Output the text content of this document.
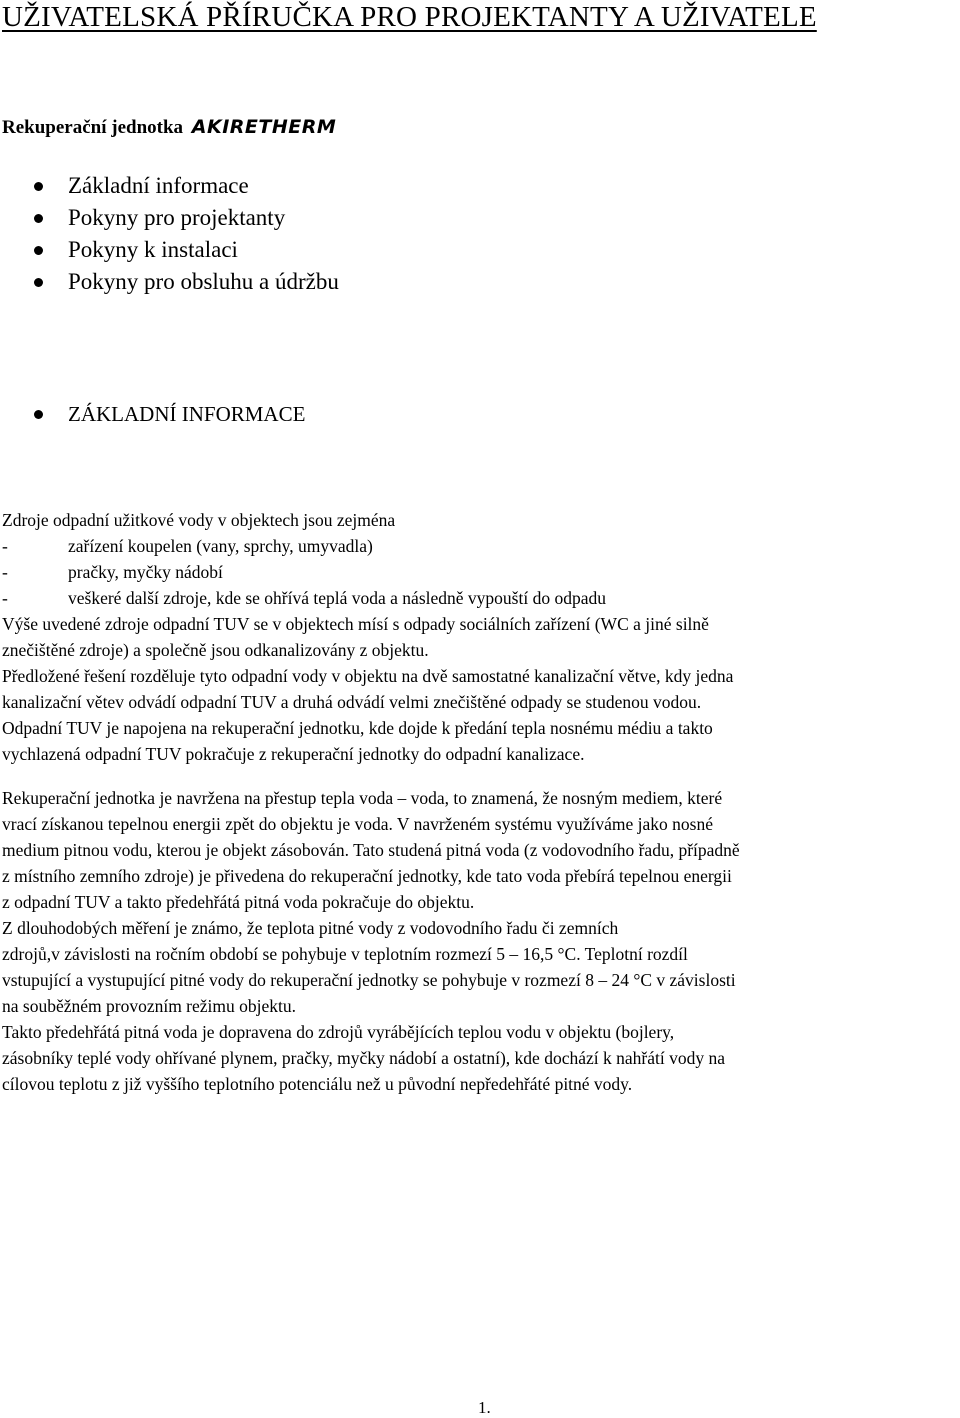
UŽIVATELSKÁ PŘÍRUČKA PRO PROJEKTANTY A UŽIVATELE
Rekuperační jednotka AKIRETHERM
Základní informace
Pokyny pro projektanty
Pokyny k instalaci
Pokyny pro obsluhu a údržbu
ZÁKLADNÍ INFORMACE
Zdroje odpadní užitkové vody v objektech jsou zejména
-	zařízení koupelen (vany, sprchy, umyvadla)
-	pračky, myčky nádobí
-	veškeré další zdroje, kde se ohřívá teplá voda a následně vypouští do odpadu
Výše uvedené zdroje odpadní TUV se v objektech mísí s odpady sociálních zařízení (WC a jiné silně
znečištěné zdroje) a společně jsou odkanalizovány z objektu.
Předložené řešení rozděluje tyto odpadní vody v objektu na dvě samostatné kanalizační větve, kdy jedna
kanalizační větev odvádí odpadní TUV a druhá odvádí velmi znečištěné odpady se studenou vodou.
Odpadní TUV je napojena na rekuperační jednotku, kde dojde k předání tepla nosnému médiu a takto
vychlazená odpadní TUV pokračuje z rekuperační jednotky do odpadní kanalizace.
Rekuperační jednotka je navržena na přestup tepla voda – voda, to znamená, že nosným mediem, které
vrací získanou tepelnou energii zpět do objektu je voda. V navrženém systému využíváme jako nosné
medium pitnou vodu, kterou je objekt zásobován. Tato studená pitná voda (z vodovodního řadu, případně
z místního zemního zdroje) je přivedena do rekuperační jednotky, kde tato voda přebírá tepelnou energii
z odpadní TUV a takto předehřátá pitná voda pokračuje do objektu.
Z dlouhodobých měření je známo, že teplota pitné vody z vodovodního řadu či zemních
zdrojů,v závislosti na ročním období se pohybuje v teplotním rozmezí 5 – 16,5 °C. Teplotní rozdíl
vstupující a vystupující pitné vody do rekuperační jednotky se pohybuje v rozmezí 8 – 24 °C v závislosti
na souběžném provozním režimu objektu.
Takto předehřátá pitná voda je dopravena do zdrojů vyrábějících teplou vodu v objektu (bojlery,
zásobníky teplé vody ohřívané plynem, pračky, myčky nádobí a ostatní), kde dochází k nahřátí vody na
cílovou teplotu z již vyššího teplotního potenciálu než u původní nepředehřáté pitné vody.
1.
